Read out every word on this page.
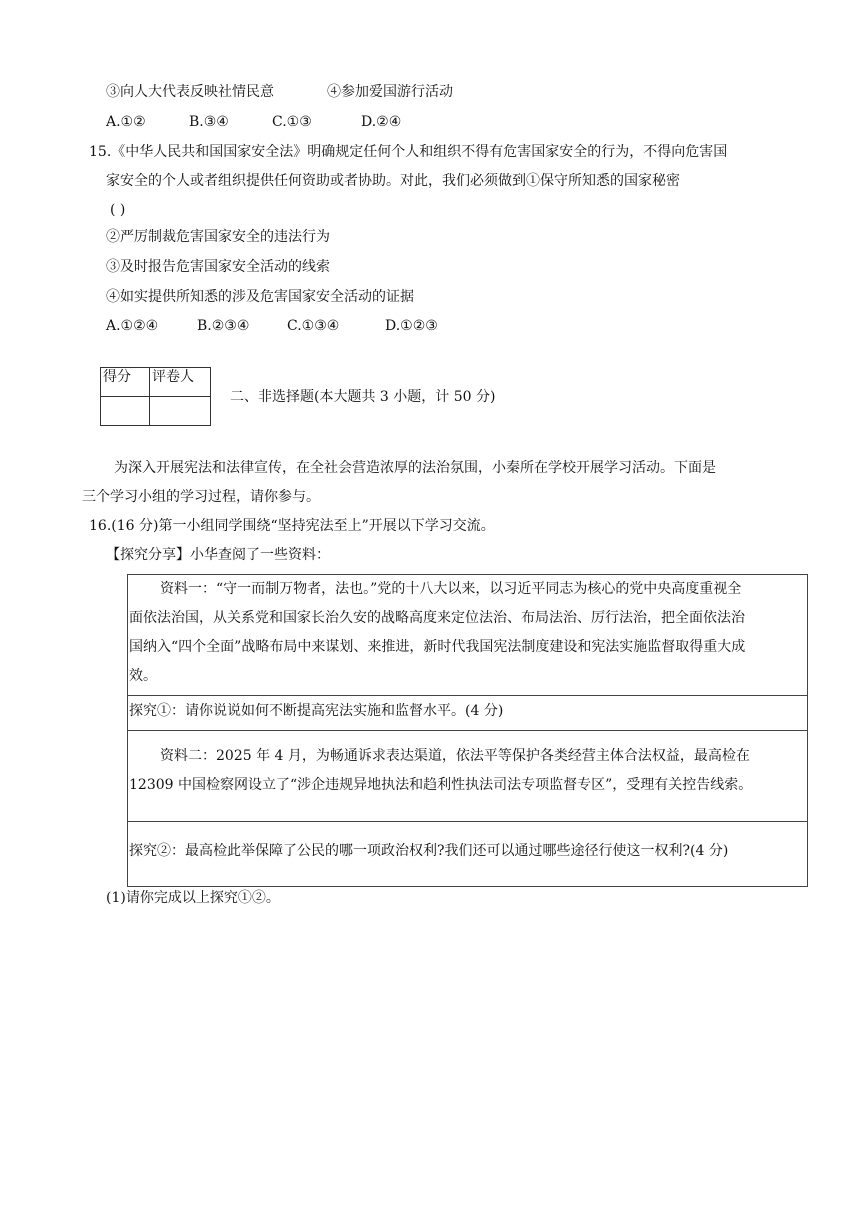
③向人大代表反映社情民意	④参加爱国游行活动
A.①②	B.③④	C.①③	D.②④
15.《中华人民共和国国家安全法》明确规定任何个人和组织不得有危害国家安全的行为，不得向危害国
家安全的个人或者组织提供任何资助或者协助。对此，我们必须做到①保守所知悉的国家秘密
( )
②严厉制裁危害国家安全的违法行为
③及时报告危害国家安全活动的线索
④如实提供所知悉的涉及危害国家安全活动的证据
A.①②④	B.②③④	C.①③④	D.①②③
得分	评卷人

二、非选择题(本大题共 3 小题，计 50 分)
为深入开展宪法和法律宣传，在全社会营造浓厚的法治氛围，小秦所在学校开展学习活动。下面是
三个学习小组的学习过程，请你参与。
16.(16 分)第一小组同学围绕“坚持宪法至上”开展以下学习交流。
【探究分享】小华查阅了一些资料：
资料一：“守一而制万物者，法也。”党的十八大以来，以习近平同志为核心的党中央高度重视全
面依法治国，从关系党和国家长治久安的战略高度来定位法治、布局法治、厉行法治，把全面依法治
国纳入“四个全面”战略布局中来谋划、来推进，新时代我国宪法制度建设和宪法实施监督取得重大成
效。
探究①：请你说说如何不断提高宪法实施和监督水平。(4 分)
资料二：2025 年 4 月，为畅通诉求表达渠道，依法平等保护各类经营主体合法权益，最高检在
12309 中国检察网设立了“涉企违规异地执法和趋利性执法司法专项监督专区”，受理有关控告线索。
探究②：最高检此举保障了公民的哪一项政治权利?我们还可以通过哪些途径行使这一权利?(4 分)
(1)请你完成以上探究①②。
